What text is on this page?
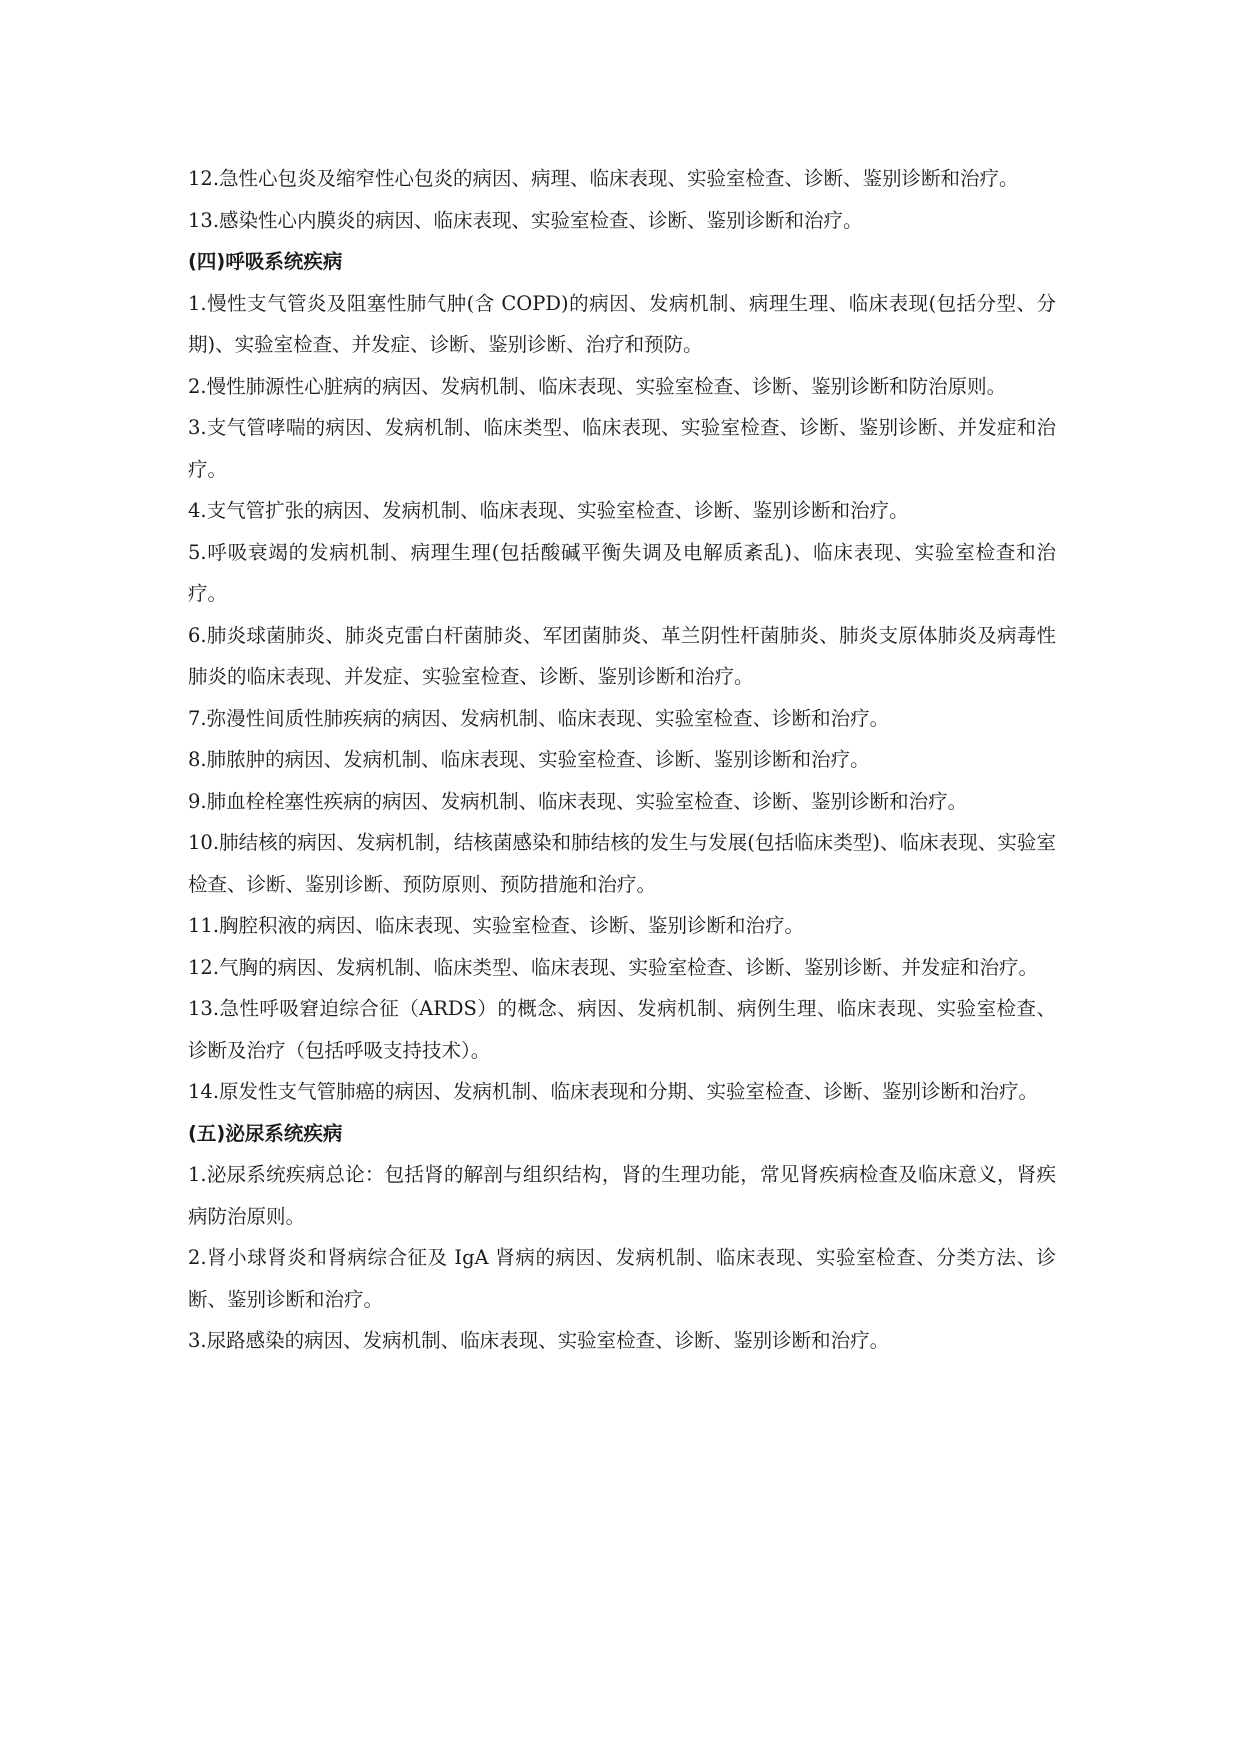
12.急性心包炎及缩窄性心包炎的病因、病理、临床表现、实验室检查、诊断、鉴别诊断和治疗。

13.感染性心内膜炎的病因、临床表现、实验室检查、诊断、鉴别诊断和治疗。

(四)呼吸系统疾病

1.慢性支气管炎及阻塞性肺气肿(含 COPD)的病因、发病机制、病理生理、临床表现(包括分型、分期)、实验室检查、并发症、诊断、鉴别诊断、治疗和预防。

2.慢性肺源性心脏病的病因、发病机制、临床表现、实验室检查、诊断、鉴别诊断和防治原则。

3.支气管哮喘的病因、发病机制、临床类型、临床表现、实验室检查、诊断、鉴别诊断、并发症和治疗。

4.支气管扩张的病因、发病机制、临床表现、实验室检查、诊断、鉴别诊断和治疗。

5.呼吸衰竭的发病机制、病理生理(包括酸碱平衡失调及电解质紊乱)、临床表现、实验室检查和治疗。

6.肺炎球菌肺炎、肺炎克雷白杆菌肺炎、军团菌肺炎、革兰阴性杆菌肺炎、肺炎支原体肺炎及病毒性肺炎的临床表现、并发症、实验室检查、诊断、鉴别诊断和治疗。

7.弥漫性间质性肺疾病的病因、发病机制、临床表现、实验室检查、诊断和治疗。

8.肺脓肿的病因、发病机制、临床表现、实验室检查、诊断、鉴别诊断和治疗。

9.肺血栓栓塞性疾病的病因、发病机制、临床表现、实验室检查、诊断、鉴别诊断和治疗。

10.肺结核的病因、发病机制，结核菌感染和肺结核的发生与发展(包括临床类型)、临床表现、实验室检查、诊断、鉴别诊断、预防原则、预防措施和治疗。

11.胸腔积液的病因、临床表现、实验室检查、诊断、鉴别诊断和治疗。

12.气胸的病因、发病机制、临床类型、临床表现、实验室检查、诊断、鉴别诊断、并发症和治疗。

13.急性呼吸窘迫综合征（ARDS）的概念、病因、发病机制、病例生理、临床表现、实验室检查、诊断及治疗（包括呼吸支持技术）。

14.原发性支气管肺癌的病因、发病机制、临床表现和分期、实验室检查、诊断、鉴别诊断和治疗。

(五)泌尿系统疾病

1.泌尿系统疾病总论：包括肾的解剖与组织结构，肾的生理功能，常见肾疾病检查及临床意义，肾疾病防治原则。

2.肾小球肾炎和肾病综合征及 IgA 肾病的病因、发病机制、临床表现、实验室检查、分类方法、诊断、鉴别诊断和治疗。

3.尿路感染的病因、发病机制、临床表现、实验室检查、诊断、鉴别诊断和治疗。
